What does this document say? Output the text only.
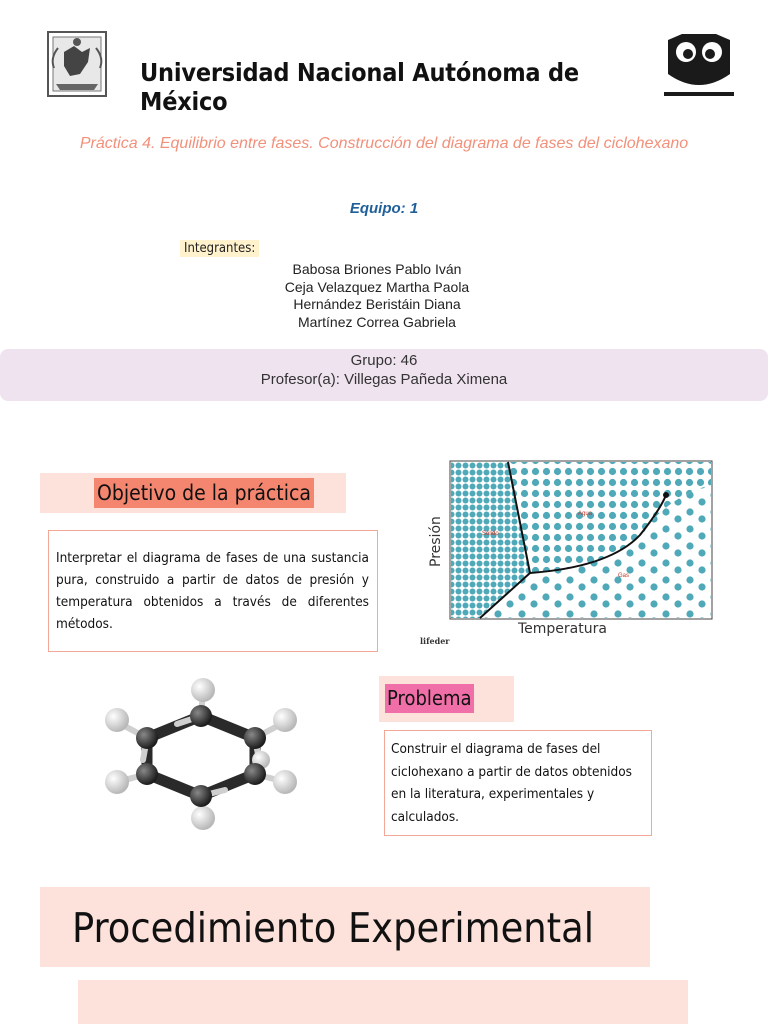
Universidad Nacional Autónoma de México
Práctica 4. Equilibrio entre fases. Construcción del diagrama de fases del ciclohexano
Equipo: 1
Integrantes:
Babosa Briones Pablo Iván
Ceja Velazquez Martha Paola
Hernández Beristáin Diana
Martínez Correa Gabriela
Grupo: 46
Profesor(a): Villegas Pañeda Ximena
Objetivo de la práctica
Interpretar el diagrama de fases de una sustancia pura, construido a partir de datos de presión y temperatura obtenidos a través de diferentes métodos.
Sólido
Agua
Gas
Presión
Temperatura
lifeder
Problema
Construir el diagrama de fases del ciclohexano a partir de datos obtenidos en la literatura, experimentales y calculados.
Procedimiento Experimental
